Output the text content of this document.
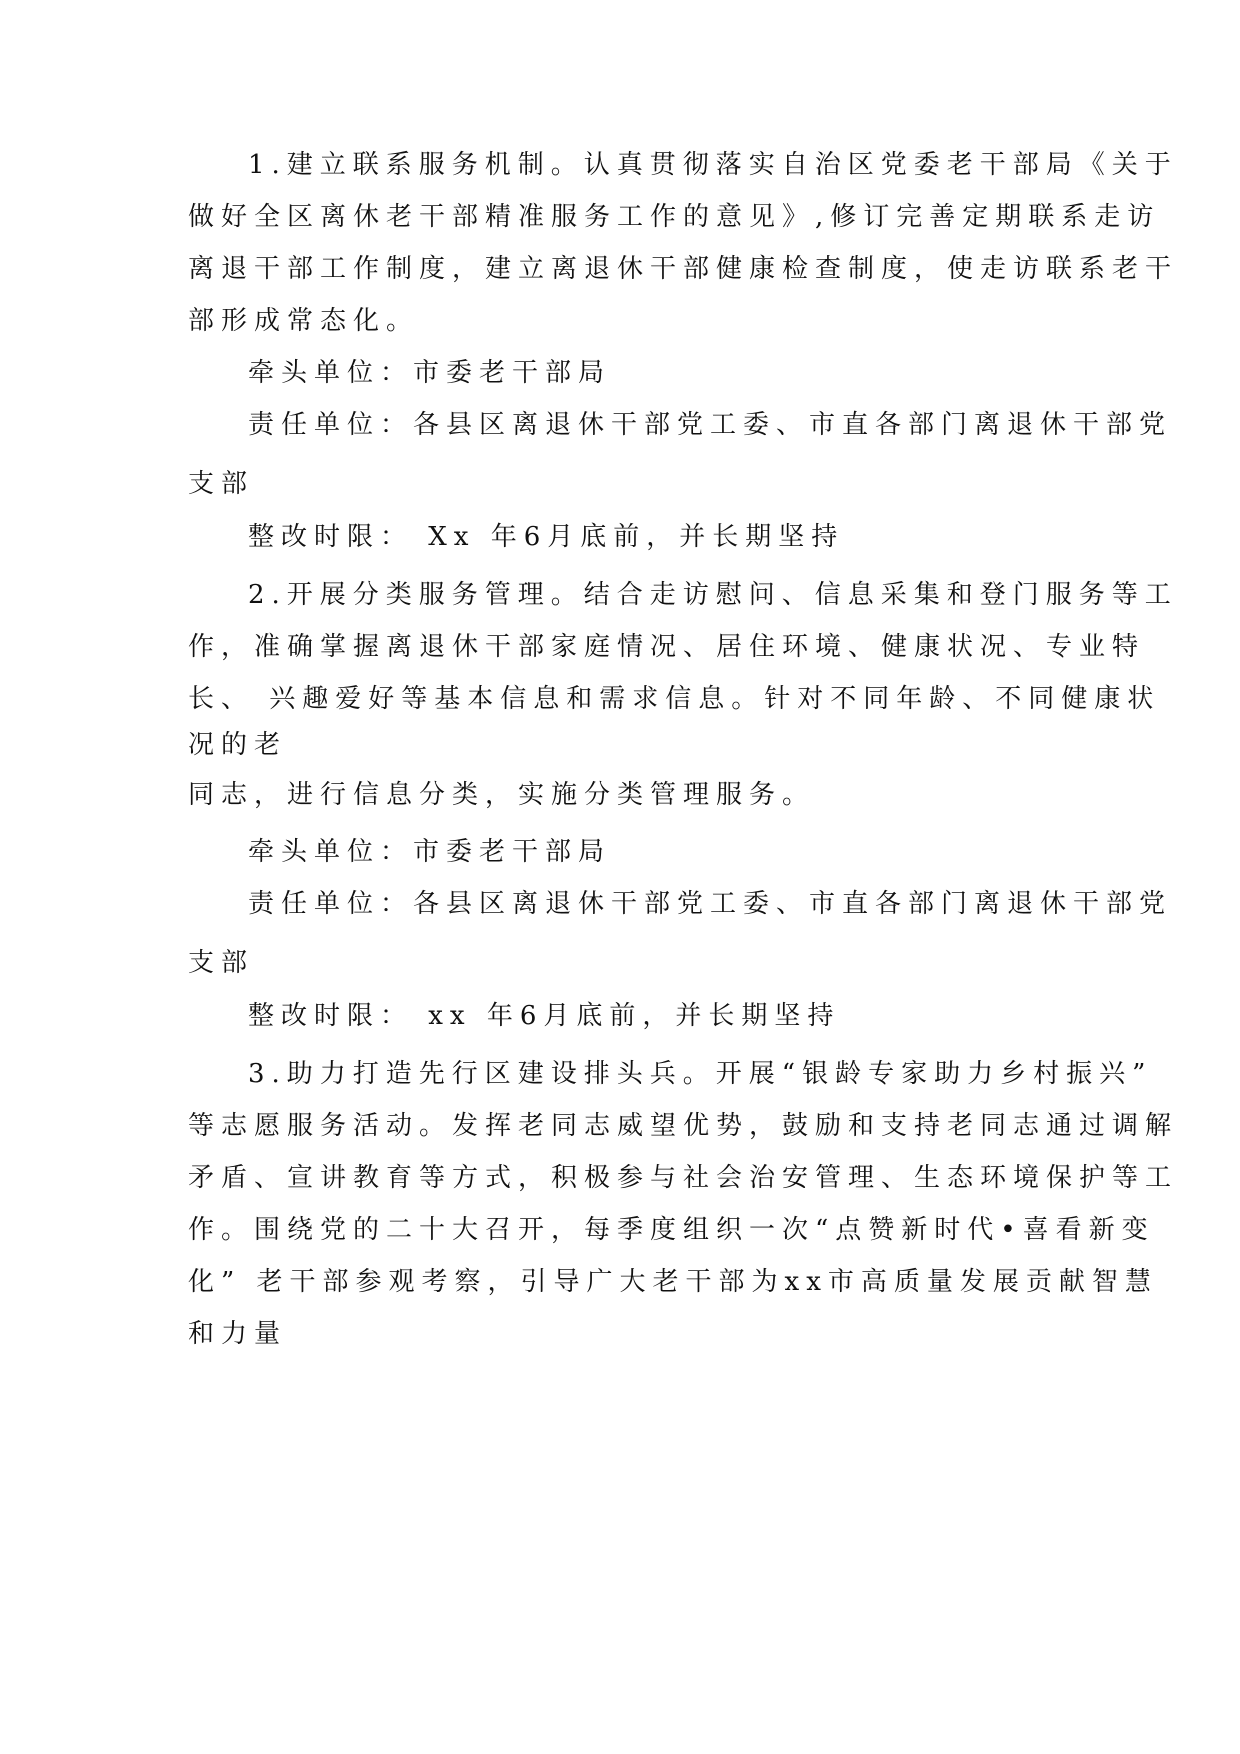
1.建立联系服务机制。认真贯彻落实自治区党委老干部局《关于
做好全区离休老干部精准服务工作的意见》,修订完善定期联系走访
离退干部工作制度，建立离退休干部健康检查制度，使走访联系老干
部形成常态化。
牵头单位：市委老干部局
责任单位：各县区离退休干部党工委、市直各部门离退休干部党
支部
整改时限： Xx 年6月底前，并长期坚持
2.开展分类服务管理。结合走访慰问、信息采集和登门服务等工
作，准确掌握离退休干部家庭情况、居住环境、健康状况、专业特
长、 兴趣爱好等基本信息和需求信息。针对不同年龄、不同健康状
况的老
同志，进行信息分类，实施分类管理服务。
牵头单位：市委老干部局
责任单位：各县区离退休干部党工委、市直各部门离退休干部党
支部
整改时限： xx 年6月底前，并长期坚持
3.助力打造先行区建设排头兵。开展“银龄专家助力乡村振兴”
等志愿服务活动。发挥老同志威望优势，鼓励和支持老同志通过调解
矛盾、宣讲教育等方式，积极参与社会治安管理、生态环境保护等工
作。围绕党的二十大召开，每季度组织一次“点赞新时代•喜看新变
化” 老干部参观考察，引导广大老干部为xx市高质量发展贡献智慧
和力量
